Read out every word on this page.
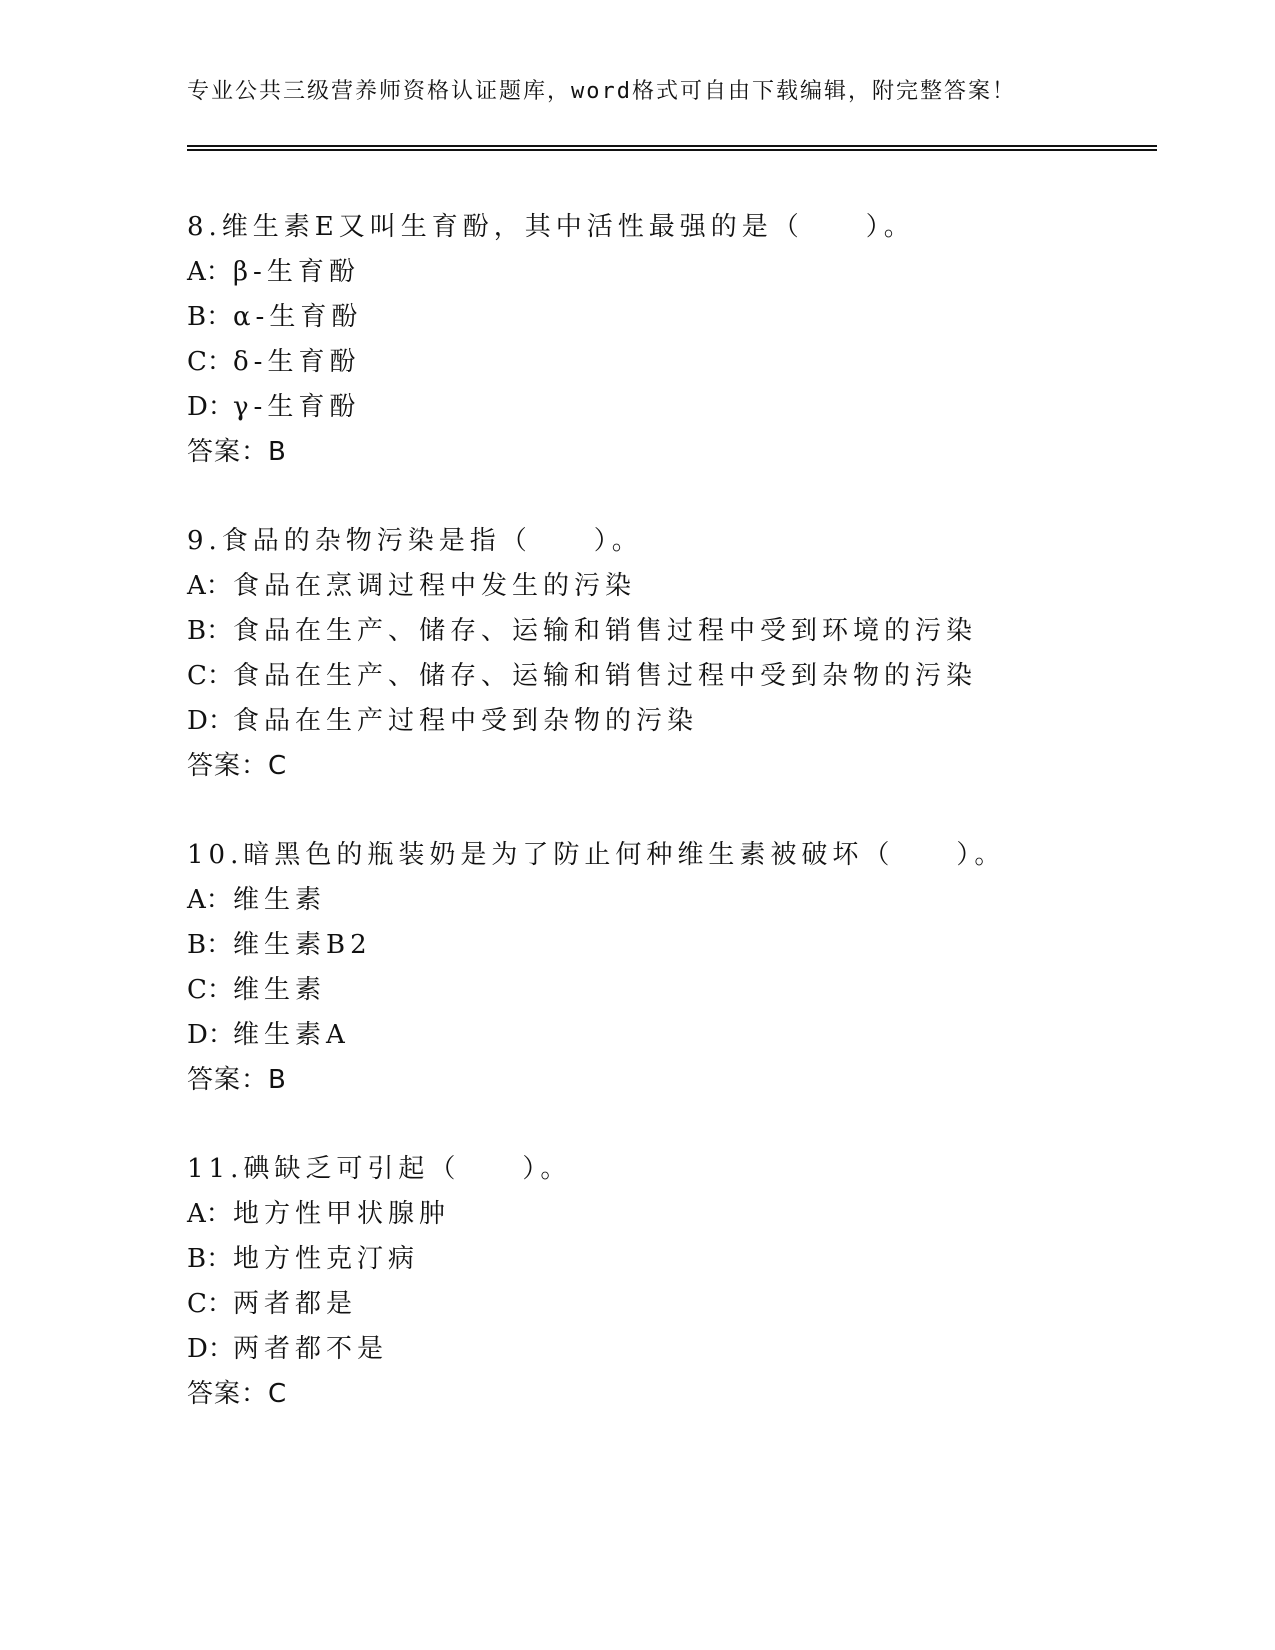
专业公共三级营养师资格认证题库，word格式可自由下载编辑，附完整答案！
8.维生素E又叫生育酚，其中活性最强的是（　　）。
A：β-生育酚
B：α-生育酚
C：δ-生育酚
D：γ-生育酚
答案：B
9.食品的杂物污染是指（　　）。
A：食品在烹调过程中发生的污染
B：食品在生产、储存、运输和销售过程中受到环境的污染
C：食品在生产、储存、运输和销售过程中受到杂物的污染
D：食品在生产过程中受到杂物的污染
答案：C
10.暗黑色的瓶装奶是为了防止何种维生素被破坏（　　）。
A：维生素
B：维生素B2
C：维生素
D：维生素A
答案：B
11.碘缺乏可引起（　　）。
A：地方性甲状腺肿
B：地方性克汀病
C：两者都是
D：两者都不是
答案：C
